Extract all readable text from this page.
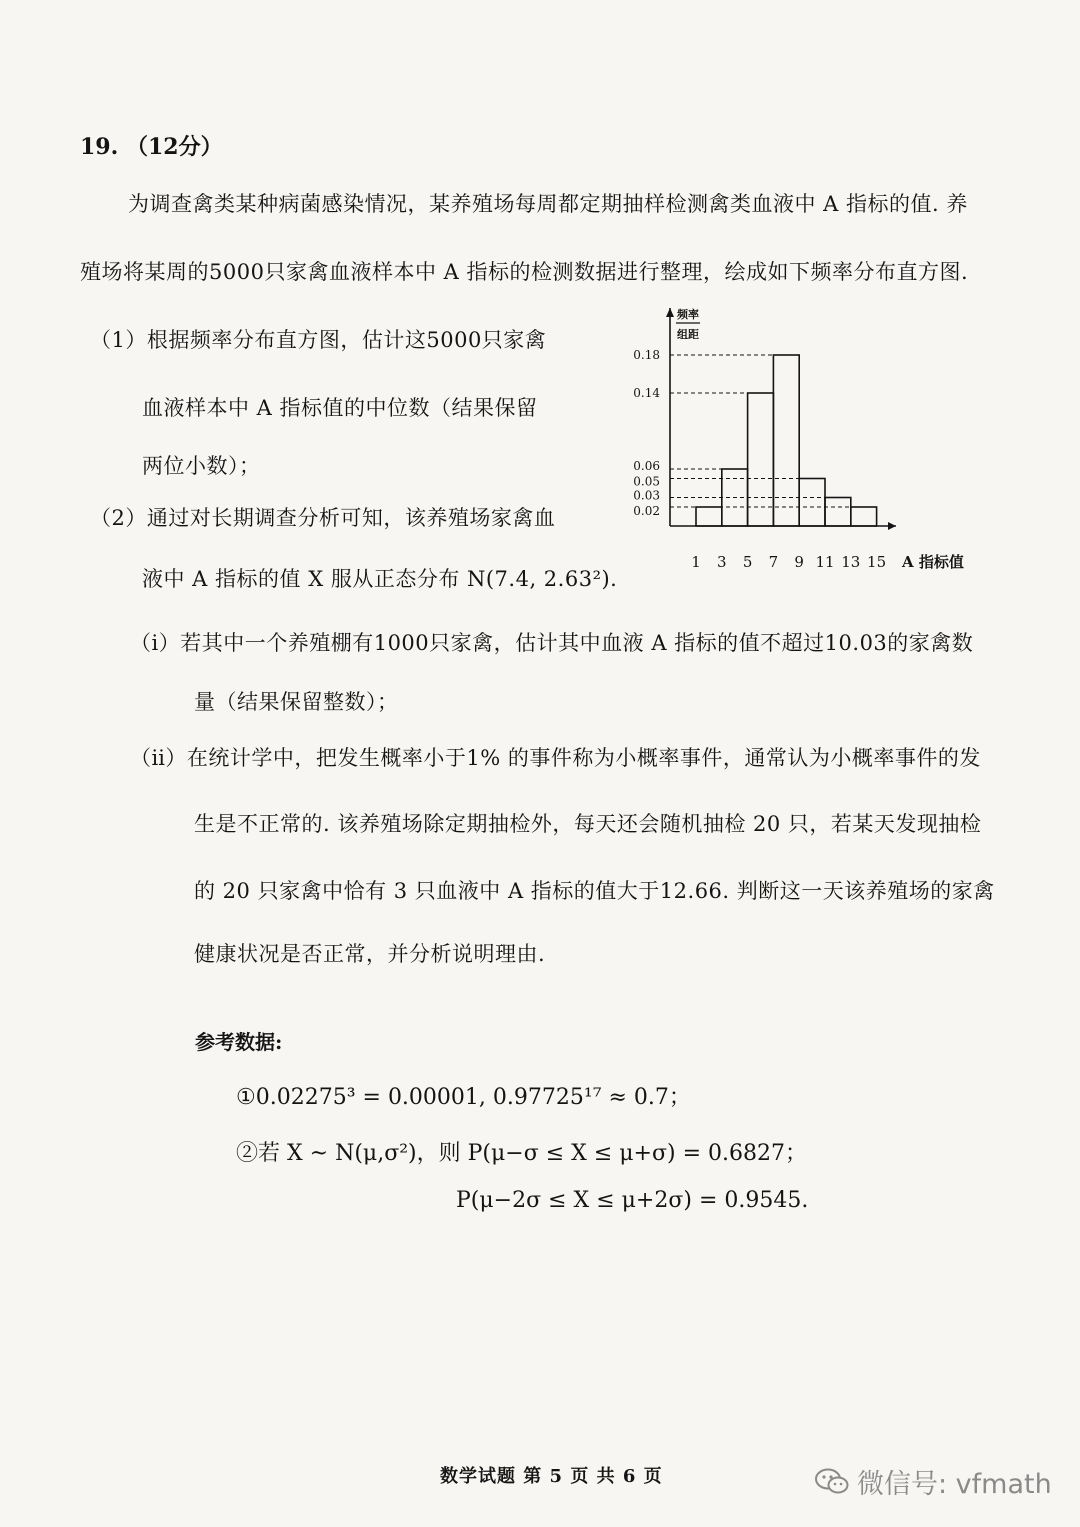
19. （12分）
为调查禽类某种病菌感染情况，某养殖场每周都定期抽样检测禽类血液中 A 指标的值. 养
殖场将某周的5000只家禽血液样本中 A 指标的检测数据进行整理，绘成如下频率分布直方图.
（1）根据频率分布直方图，估计这5000只家禽
血液样本中 A 指标值的中位数（结果保留
两位小数）；
（2）通过对长期调查分析可知，该养殖场家禽血
液中 A 指标的值 X 服从正态分布 N(7.4, 2.63²).
（ⅰ）若其中一个养殖棚有1000只家禽，估计其中血液 A 指标的值不超过10.03的家禽数
量（结果保留整数）；
（ⅱ）在统计学中，把发生概率小于1% 的事件称为小概率事件，通常认为小概率事件的发
生是不正常的. 该养殖场除定期抽检外，每天还会随机抽检 20 只，若某天发现抽检
的 20 只家禽中恰有 3 只血液中 A 指标的值大于12.66. 判断这一天该养殖场的家禽
健康状况是否正常，并分析说明理由.
参考数据:
①0.02275³ = 0.00001, 0.97725¹⁷ ≈ 0.7；
②若 X ~ N(μ,σ²)，则 P(μ−σ ≤ X ≤ μ+σ) = 0.6827；
P(μ−2σ ≤ X ≤ μ+2σ) = 0.9545.
0.02
0.03
0.05
0.06
0.14
0.18
1 3 5 7 9 11 13 15
频率
组距
A 指标值
数学试题 第 5 页 共 6 页	微信号: vfmath
